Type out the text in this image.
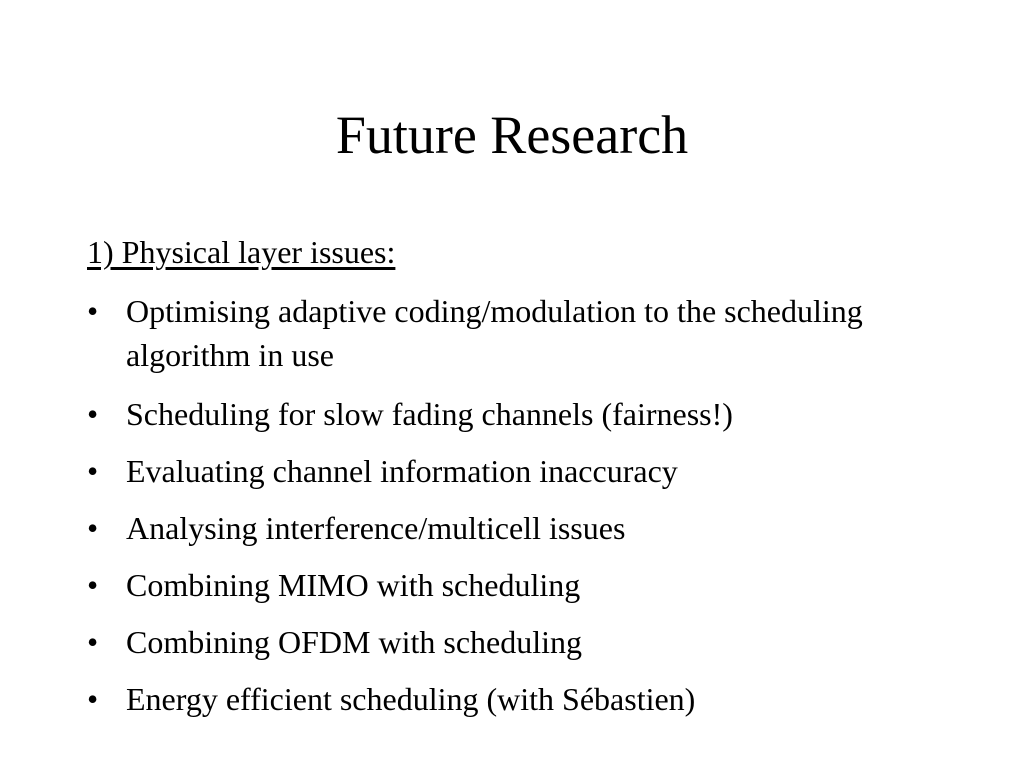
Future Research
1) Physical layer issues:
• Optimising adaptive coding/modulation to the scheduling algorithm in use
• Scheduling for slow fading channels (fairness!)
• Evaluating channel information inaccuracy
• Analysing interference/multicell issues
• Combining MIMO with scheduling
• Combining OFDM with scheduling
• Energy efficient scheduling (with Sébastien)
